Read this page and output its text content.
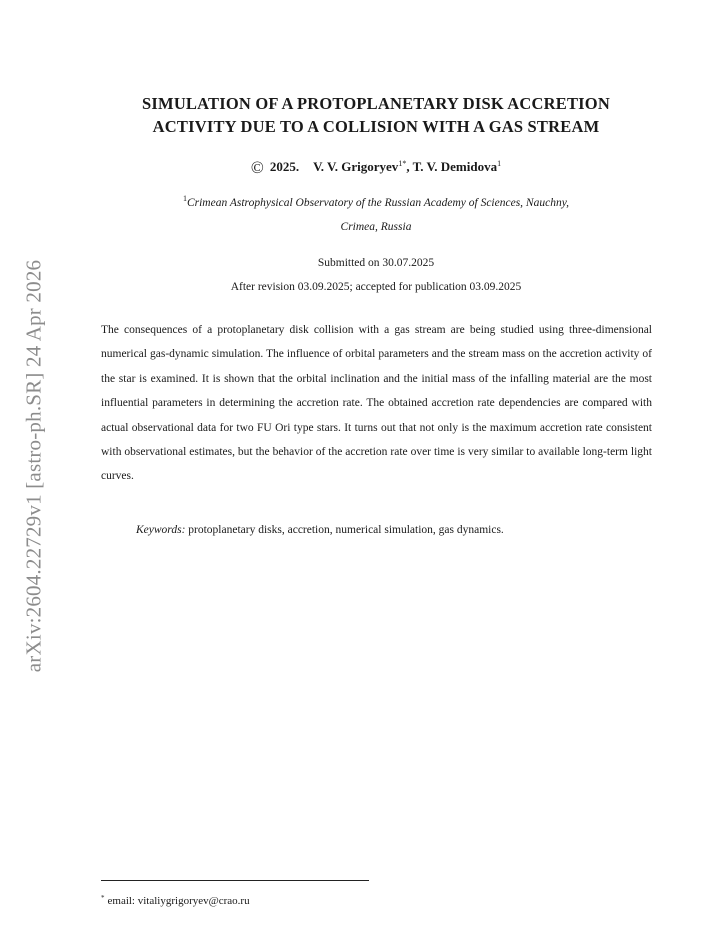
arXiv:2604.22729v1 [astro-ph.SR] 24 Apr 2026
SIMULATION OF A PROTOPLANETARY DISK ACCRETION
ACTIVITY DUE TO A COLLISION WITH A GAS STREAM
© 2025. V. V. Grigoryev$^{1*}$, T. V. Demidova$^1$
$^1$Crimean Astrophysical Observatory of the Russian Academy of Sciences, Nauchny,
Crimea, Russia
Submitted on 30.07.2025
After revision 03.09.2025; accepted for publication 03.09.2025
The consequences of a protoplanetary disk collision with a gas stream are being studied using three-dimensional numerical gas-dynamic simulation. The influence of orbital parameters and the stream mass on the accretion activity of the star is examined. It is shown that the orbital inclination and the initial mass of the infalling material are the most influential parameters in determining the accretion rate. The obtained accretion rate dependencies are compared with actual observational data for two FU Ori type stars. It turns out that not only is the maximum accretion rate consistent with observational estimates, but the behavior of the accretion rate over time is very similar to available long-term light curves.
Keywords: protoplanetary disks, accretion, numerical simulation, gas dynamics.
* email: vitaliygrigoryev@crao.ru
